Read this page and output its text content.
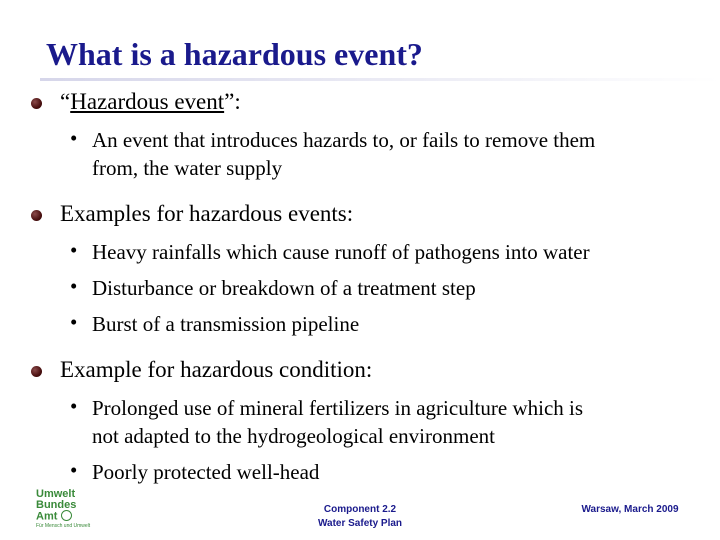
What is a hazardous event?
“Hazardous event”:
• An event that introduces hazards to, or fails to remove them
from, the water supply
Examples for hazardous events:
• Heavy rainfalls which cause runoff of pathogens into water
• Disturbance or breakdown of a treatment step
• Burst of a transmission pipeline
Example for hazardous condition:
• Prolonged use of mineral fertilizers in agriculture which is
not adapted to the hydrogeological environment
• Poorly protected well-head
Umwelt
Bundes
Amt
Für Mensch und Umwelt
Component 2.2
Water Safety Plan
Warsaw, March 2009
